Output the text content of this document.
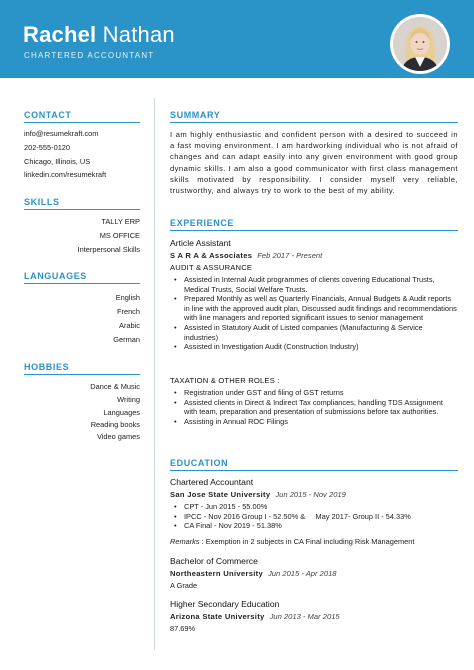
Rachel Nathan
CHARTERED ACCOUNTANT
CONTACT
info@resumekraft.com
202-555-0120
Chicago, Illinois, US
linkedin.com/resumekraft
SKILLS
TALLY ERP
MS OFFICE
Interpersonal Skills
LANGUAGES
English
French
Arabic
German
HOBBIES
Dance & Music
Writing
Languages
Reading books
Video games
SUMMARY
I am highly enthusiastic and confident person with a desired to succeed in a fast moving environment. I am hardworking individual who is not afraid of changes and can adapt easily into any given environment with good group dynamic skills. I am also a good communicator with first class management skills motivated by responsibility. I consider myself very reliable, trustworthy, and always try to work to the best of my ability.
EXPERIENCE
Article Assistant
S A R A & Associates Feb 2017 - Present
AUDIT & ASSURANCE
• Assisted in Internal Audit programmes of clients covering Educational Trusts, Medical Trusts, Social Welfare Trusts.
• Prepared Monthly as well as Quarterly Financials, Annual Budgets & Audit reports in line with the approved audit plan, Discussed audit findings and recommendations with line managers and reported significant issues to senior management
• Assisted in Statutory Audit of Listed companies (Manufacturing & Service industries)
• Assisted in Investigation Audit (Construction Industry)
TAXATION & OTHER ROLES :
• Registration under GST and filing of GST returns
• Assisted clients in Direct & Indirect Tax compliances, handling TDS Assignment with team, preparation and presentation of submissions before tax authorities.
• Assisting in Annual ROC Filings
EDUCATION
Chartered Accountant
San Jose State University Jun 2015 - Nov 2019
• CPT - Jun 2015 - 55.00%
• IPCC - Nov 2016 Group I - 52.50% & May 2017- Group II - 54.33%
• CA Final - Nov 2019 - 51.38%
Remarks : Exemption in 2 subjects in CA Final including Risk Management
Bachelor of Commerce
Northeastern University Jun 2015 - Apr 2018
A Grade
Higher Secondary Education
Arizona State University Jun 2013 - Mar 2015
87.69%
